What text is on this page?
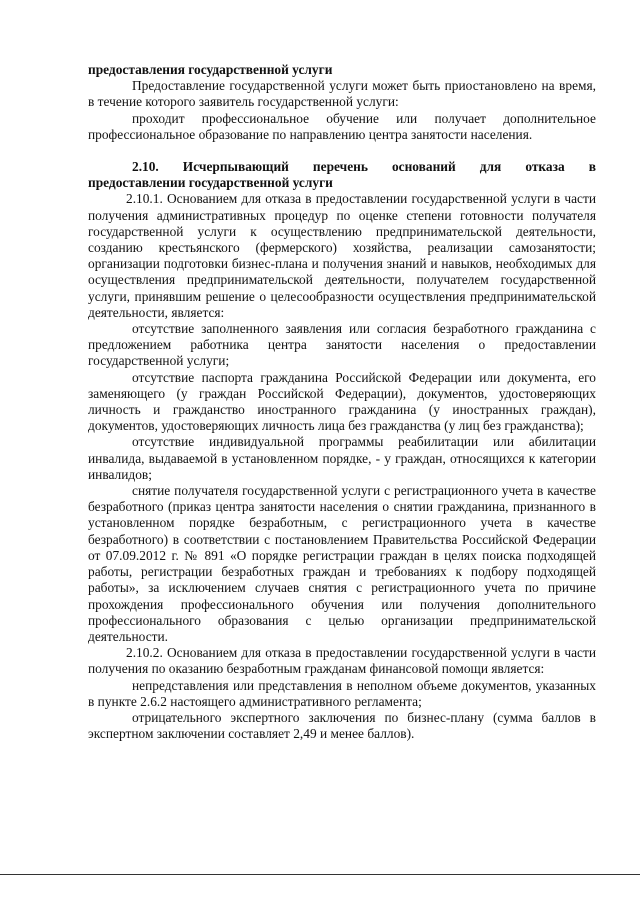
предоставления государственной услуги

Предоставление государственной услуги может быть приостановлено на время, в течение которого заявитель государственной услуги:

проходит профессиональное обучение или получает дополнительное профессиональное образование по направлению центра занятости населения.

2.10. Исчерпывающий перечень оснований для отказа в

предоставлении государственной услуги

2.10.1. Основанием для отказа в предоставлении государственной услуги в части получения административных процедур по оценке степени готовности получателя государственной услуги к осуществлению предпринимательской деятельности, созданию крестьянского (фермерского) хозяйства, реализации самозанятости; организации подготовки бизнес-плана и получения знаний и навыков, необходимых для осуществления предпринимательской деятельности, получателем государственной услуги, принявшим решение о целесообразности осуществления предпринимательской деятельности, является:

отсутствие заполненного заявления или согласия безработного гражданина с предложением работника центра занятости населения о предоставлении государственной услуги;

отсутствие паспорта гражданина Российской Федерации или документа, его заменяющего (у граждан Российской Федерации), документов, удостоверяющих личность и гражданство иностранного гражданина (у иностранных граждан), документов, удостоверяющих личность лица без гражданства (у лиц без гражданства);

отсутствие индивидуальной программы реабилитации или абилитации инвалида, выдаваемой в установленном порядке, - у граждан, относящихся к категории инвалидов;

снятие получателя государственной услуги с регистрационного учета в качестве безработного (приказ центра занятости населения о снятии гражданина, признанного в установленном порядке безработным, с регистрационного учета в качестве безработного) в соответствии с постановлением Правительства Российской Федерации от 07.09.2012 г. № 891 «О порядке регистрации граждан в целях поиска подходящей работы, регистрации безработных граждан и требованиях к подбору подходящей работы», за исключением случаев снятия с регистрационного учета по причине прохождения профессионального обучения или получения дополнительного профессионального образования с целью организации предпринимательской деятельности.

2.10.2. Основанием для отказа в предоставлении государственной услуги в части получения по оказанию безработным гражданам финансовой помощи является:

непредставления или представления в неполном объеме документов, указанных в пункте 2.6.2 настоящего административного регламента;

отрицательного экспертного заключения по бизнес-плану (сумма баллов в экспертном заключении составляет 2,49 и менее баллов).
